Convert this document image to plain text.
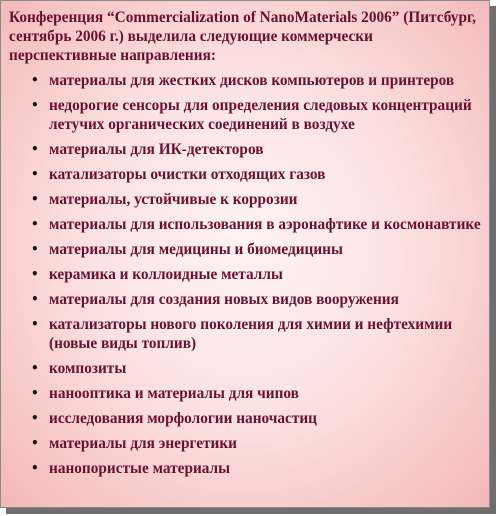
Конференция “Commercialization of NanoMaterials 2006” (Питсбург, сентябрь 2006 г.) выделила следующие коммерчески перспективные направления:

• материалы для жестких дисков компьютеров и принтеров
• недорогие сенсоры для определения следовых концентраций летучих органических соединений в воздухе
• материалы для ИК-детекторов
• катализаторы очистки отходящих газов
• материалы, устойчивые к коррозии
• материалы для использования в аэронафтике и космонавтике
• материалы для медицины и биомедицины
• керамика и коллоидные металлы
• материалы для создания новых видов вооружения
• катализаторы нового поколения для химии и нефтехимии (новые виды топлив)
• композиты
• нанооптика и материалы для чипов
• исследования морфологии наночастиц
• материалы для энергетики
• нанопористые материалы
